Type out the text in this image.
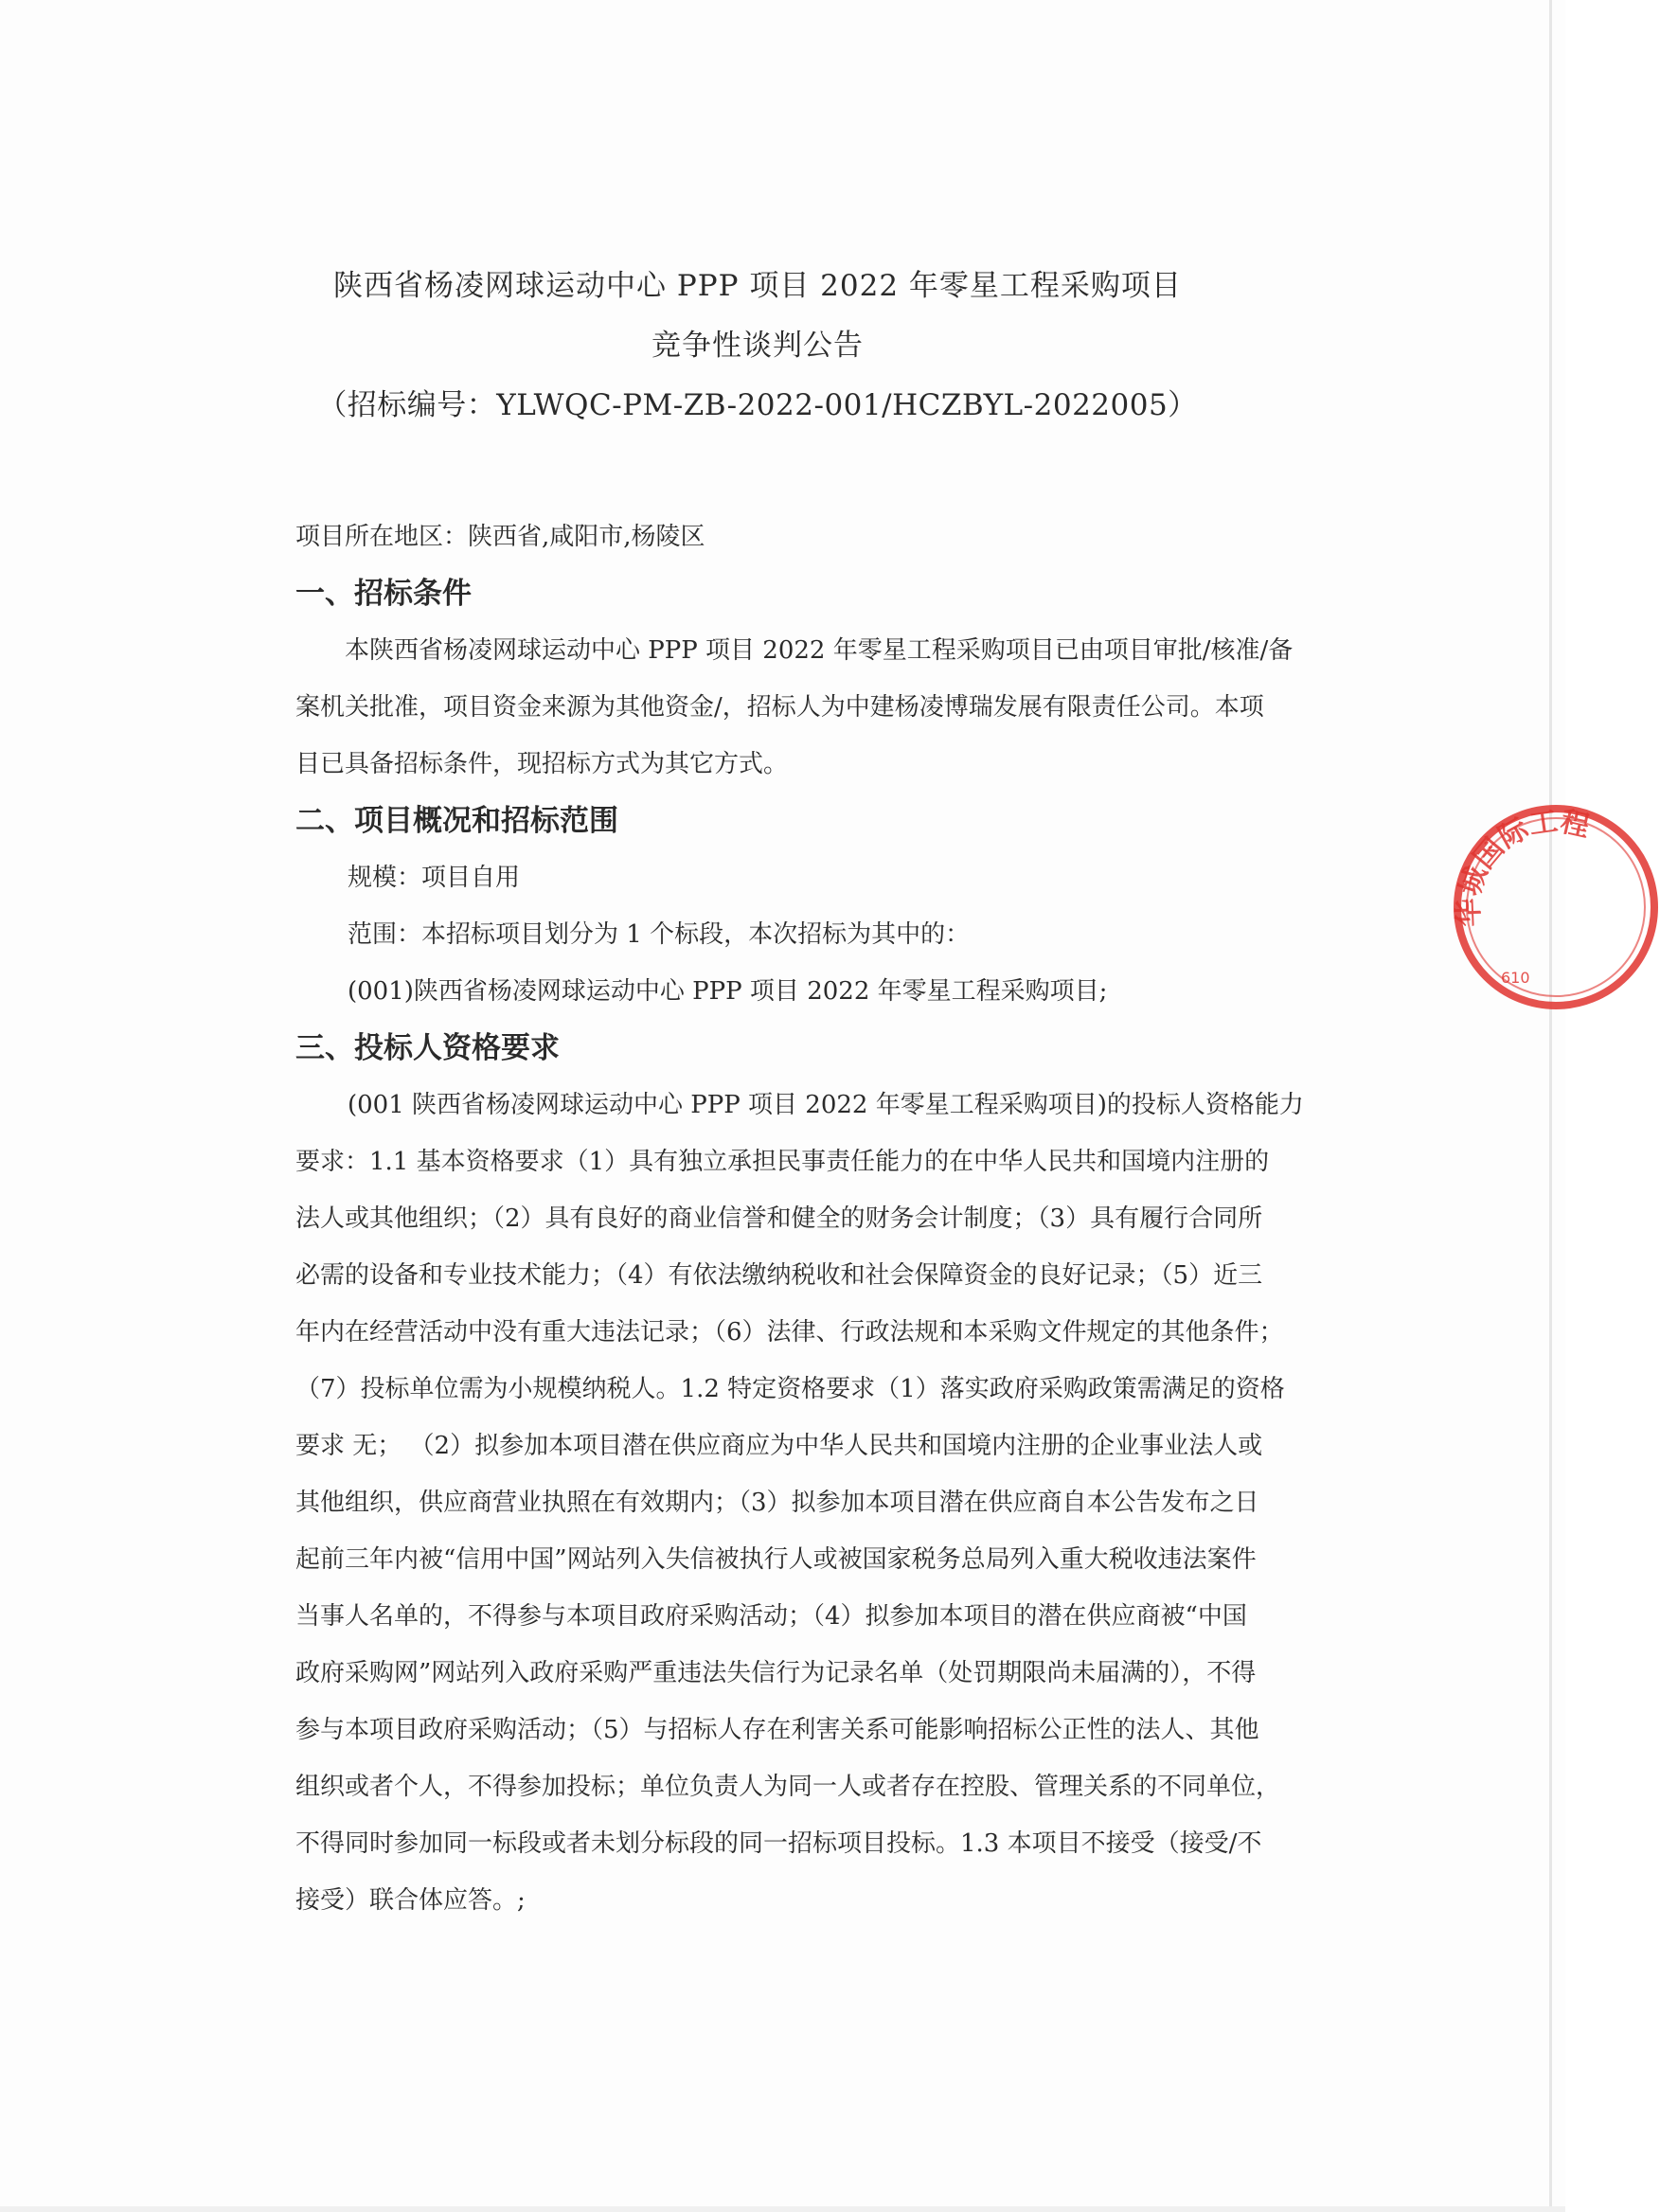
陕西省杨凌网球运动中心 PPP 项目 2022 年零星工程采购项目
竞争性谈判公告
（招标编号：YLWQC-PM-ZB-2022-001/HCZBYL-2022005）
项目所在地区：陕西省,咸阳市,杨陵区
一、招标条件
本陕西省杨凌网球运动中心 PPP 项目 2022 年零星工程采购项目已由项目审批/核准/备
案机关批准，项目资金来源为其他资金/，招标人为中建杨凌博瑞发展有限责任公司。本项
目已具备招标条件，现招标方式为其它方式。
二、项目概况和招标范围
规模：项目自用
范围：本招标项目划分为 1 个标段，本次招标为其中的：
(001)陕西省杨凌网球运动中心 PPP 项目 2022 年零星工程采购项目;
三、投标人资格要求
(001 陕西省杨凌网球运动中心 PPP 项目 2022 年零星工程采购项目)的投标人资格能力
要求：1.1 基本资格要求（1）具有独立承担民事责任能力的在中华人民共和国境内注册的
法人或其他组织；（2）具有良好的商业信誉和健全的财务会计制度；（3）具有履行合同所
必需的设备和专业技术能力；（4）有依法缴纳税收和社会保障资金的良好记录；（5）近三
年内在经营活动中没有重大违法记录；（6）法律、行政法规和本采购文件规定的其他条件；
（7）投标单位需为小规模纳税人。1.2 特定资格要求（1）落实政府采购政策需满足的资格
要求 无； （2）拟参加本项目潜在供应商应为中华人民共和国境内注册的企业事业法人或
其他组织，供应商营业执照在有效期内；（3）拟参加本项目潜在供应商自本公告发布之日
起前三年内被“信用中国”网站列入失信被执行人或被国家税务总局列入重大税收违法案件
当事人名单的，不得参与本项目政府采购活动；（4）拟参加本项目的潜在供应商被“中国
政府采购网”网站列入政府采购严重违法失信行为记录名单（处罚期限尚未届满的），不得
参与本项目政府采购活动；（5）与招标人存在利害关系可能影响招标公正性的法人、其他
组织或者个人，不得参加投标；单位负责人为同一人或者存在控股、管理关系的不同单位，
不得同时参加同一标段或者未划分标段的同一招标项目投标。1.3 本项目不接受（接受/不
接受）联合体应答。;
华城国际工程
610
